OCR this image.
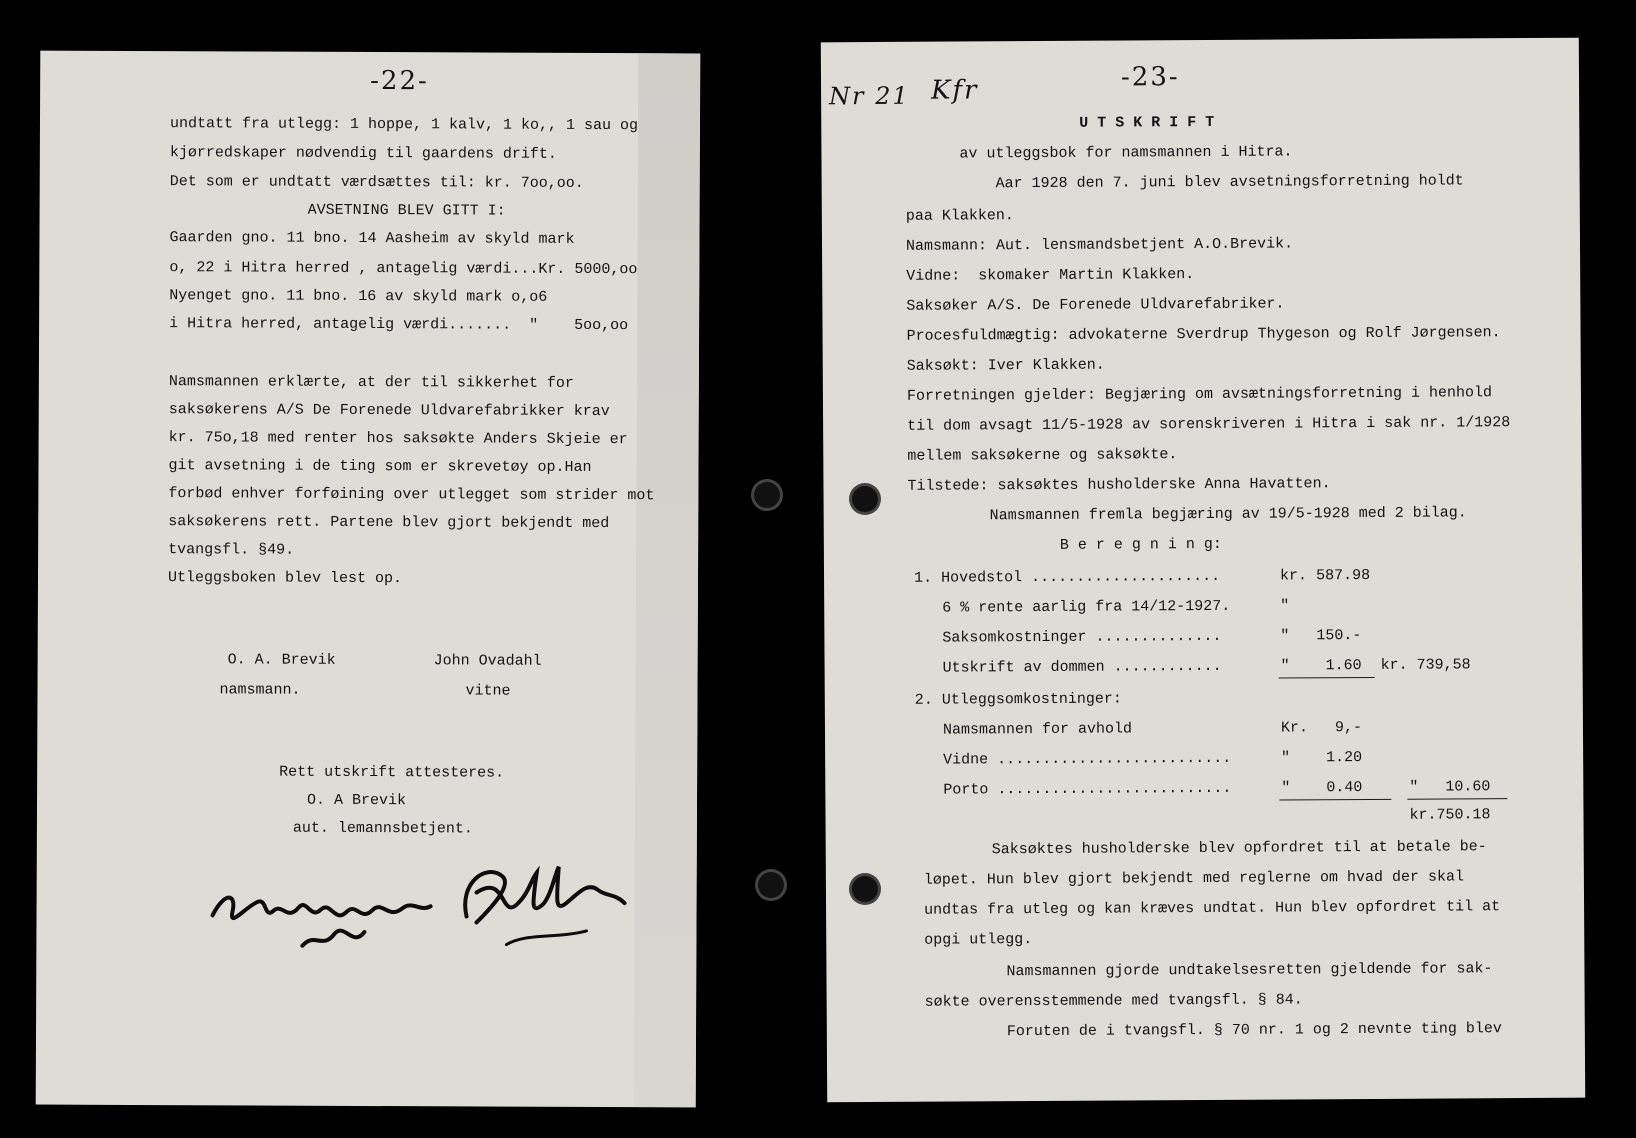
-22-
undtatt fra utlegg: 1 hoppe, 1 kalv, 1 ko,, 1 sau og
kjørredskaper nødvendig til gaardens drift.
Det som er undtatt værdsættes til: kr. 7oo,oo.
AVSETNING BLEV GITT I:
Gaarden gno. 11 bno. 14 Aasheim av skyld mark
o, 22 i Hitra herred , antagelig værdi...Kr. 5000,oo
Nyenget gno. 11 bno. 16 av skyld mark o,o6
i Hitra herred, antagelig værdi.......  "    5oo,oo
Namsmannen erklærte, at der til sikkerhet for
saksøkerens A/S De Forenede Uldvarefabrikker krav
kr. 75o,18 med renter hos saksøkte Anders Skjeie er
git avsetning i de ting som er skrevetøy op.Han
forbød enhver forføining over utlegget som strider mot
saksøkerens rett. Partene blev gjort bekjendt med
tvangsfl. §49.
Utleggsboken blev lest op.
O. A. Brevik	John Ovadahl
namsmann.	vitne
Rett utskrift attesteres.
O. A Brevik
aut. lemannsbetjent.
Nr 21 Kfr	-23-
U T S K R I F T
av utleggsbok for namsmannen i Hitra.
Aar 1928 den 7. juni blev avsetningsforretning holdt
paa Klakken.
Namsmann: Aut. lensmandsbetjent A.O.Brevik.
Vidne:  skomaker Martin Klakken.
Saksøker A/S. De Forenede Uldvarefabriker.
Procesfuldmægtig: advokaterne Sverdrup Thygeson og Rolf Jørgensen.
Saksøkt: Iver Klakken.
Forretningen gjelder: Begjæring om avsætningsforretning i henhold
til dom avsagt 11/5-1928 av sorenskriveren i Hitra i sak nr. 1/1928
mellem saksøkerne og saksøkte.
Tilstede: saksøktes husholderske Anna Havatten.
Namsmannen fremla begjæring av 19/5-1928 med 2 bilag.
B e r e g n i n g:
1. Hovedstol .....................	kr. 587.98
6 % rente aarlig fra 14/12-1927.	"
Saksomkostninger ..............	"   150.-
Utskrift av dommen ............	"    1.60 kr. 739,58
2. Utleggsomkostninger:
Namsmannen for avhold	Kr.   9,-
Vidne ..........................	"    1.20
Porto ..........................	"    0.40	"   10.60
kr.750.18
Saksøktes husholderske blev opfordret til at betale be-
løpet. Hun blev gjort bekjendt med reglerne om hvad der skal
undtas fra utleg og kan kræves undtat. Hun blev opfordret til at
opgi utlegg.
Namsmannen gjorde undtakelsesretten gjeldende for sak-
søkte overensstemmende med tvangsfl. § 84.
Foruten de i tvangsfl. § 70 nr. 1 og 2 nevnte ting blev
